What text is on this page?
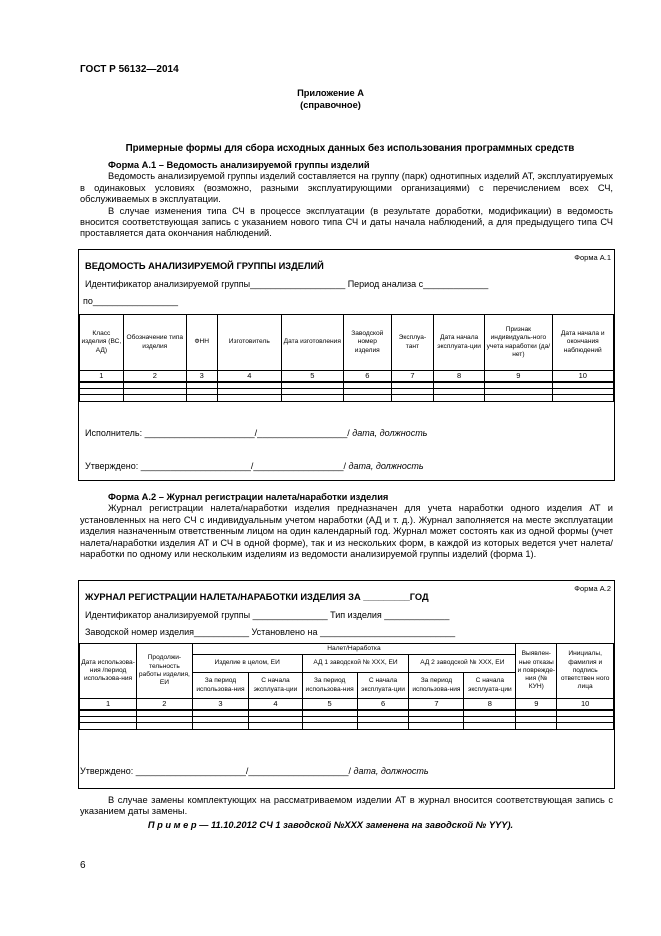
ГОСТ Р 56132—2014
Приложение А
(справочное)
Примерные формы для сбора исходных данных без использования программных средств
Форма А.1 – Ведомость анализируемой группы изделий
Ведомость анализируемой группы изделий составляется на группу (парк) однотипных изделий АТ, эксплуатируемых в одинаковых условиях (возможно, разными эксплуатирующими организациями) с перечислением всех СЧ, обслуживаемых в эксплуатации.
В случае изменения типа СЧ в процессе эксплуатации (в результате доработки, модификации) в ведомость вносится соответствующая запись с указанием нового типа СЧ и даты начала наблюдений, а для предыдущего типа СЧ проставляется дата окончания наблюдений.
Форма А.1
ВЕДОМОСТЬ АНАЛИЗИРУЕМОЙ ГРУППЫ ИЗДЕЛИЙ
Идентификатор анализируемой группы___________________ Период анализа с_____________
по_________________
Класс изделия (ВС, АД)	Обозначение типа изделия	ФНН	Изготовитель	Дата изготовления	Заводской номер изделия	Эксплуа-тант	Дата начала эксплуата-ции	Признак индивидуаль-ного учета наработки (да/нет)	Дата начала и окончания наблюдений
1	2	3	4	5	6	7	8	9	10

Исполнитель: ______________________/__________________/ дата, должность
Утверждено: ______________________/__________________/ дата, должность
Форма А.2 – Журнал регистрации налета/наработки изделия
Журнал регистрации налета/наработки изделия предназначен для учета наработки одного изделия АТ и установленных на него СЧ с индивидуальным учетом наработки (АД и т. д.). Журнал заполняется на месте эксплуатации изделия назначенным ответственным лицом на один календарный год. Журнал может состоять как из одной формы (учет налета/наработки изделия АТ и СЧ в одной форме), так и из нескольких форм, в каждой из которых ведется учет налета/наработки по одному или нескольким изделиям из ведомости анализируемой группы изделий (форма 1).
Форма А.2
ЖУРНАЛ РЕГИСТРАЦИИ НАЛЕТА/НАРАБОТКИ ИЗДЕЛИЯ ЗА _________ГОД
Идентификатор анализируемой группы _______________ Тип изделия _____________
Заводской номер изделия___________ Установлено на ___________________________
Дата использова-ния /период использова-ния	Продолжи-тельность работы изделия, ЕИ	Налет/Наработка						Выявлен-ные отказы и поврежде-ния (№ КУН)	Инициалы, фамилия и подпись ответствен ного лица
		Изделие в целом, ЕИ		АД 1 заводской № ХХХ, ЕИ		АД 2 заводской № ХХХ, ЕИ			
		За период использова-ния	С начала эксплуата-ции	За период использова-ния	С начала эксплуата-ции	За период использова-ния	С начала эксплуата-ции		
1	2	3	4	5	6	7	8	9	10

Утверждено: ______________________/____________________/ дата, должность
В случае замены комплектующих на рассматриваемом изделии АТ в журнал вносится соответствующая запись с указанием даты замены.
П р и м е р — 11.10.2012 СЧ 1 заводской №ХХХ заменена на заводской № YYY).
6
